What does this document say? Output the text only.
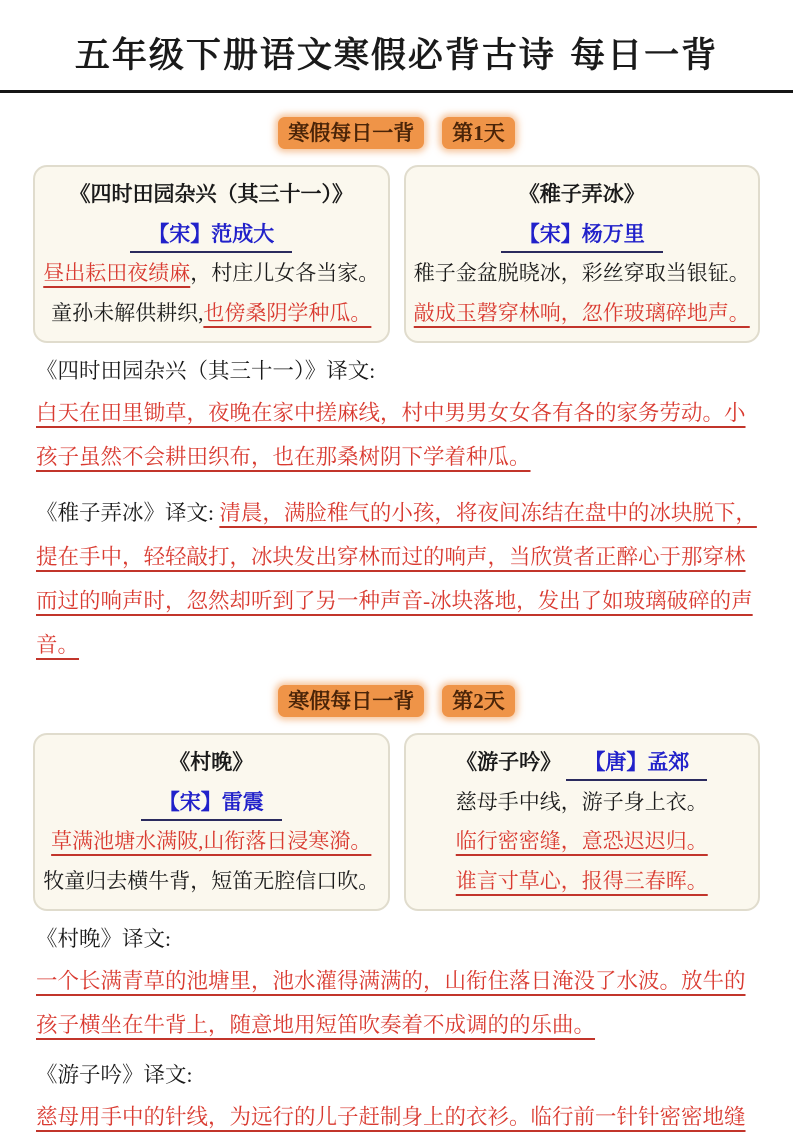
五年级下册语文寒假必背古诗 每日一背
寒假每日一背	第1天
《四时田园杂兴（其三十一）》
【宋】范成大
昼出耘田夜绩麻，村庄儿女各当家。
童孙未解供耕织,也傍桑阴学种瓜。
《稚子弄冰》
【宋】杨万里
稚子金盆脱晓冰，彩丝穿取当银钲。
敲成玉磬穿林响，忽作玻璃碎地声。
《四时田园杂兴（其三十一）》译文:
白天在田里锄草，夜晚在家中搓麻线，村中男男女女各有各的家务劳动。小孩子虽然不会耕田织布，也在那桑树阴下学着种瓜。
《稚子弄冰》译文: 清晨，满脸稚气的小孩，将夜间冻结在盘中的冰块脱下，提在手中，轻轻敲打，冰块发出穿林而过的响声，当欣赏者正醉心于那穿林而过的响声时，忽然却听到了另一种声音-冰块落地，发出了如玻璃破碎的声音。
寒假每日一背	第2天
《村晚》
【宋】雷震
草满池塘水满陂,山衔落日浸寒漪。
牧童归去横牛背，短笛无腔信口吹。
《游子吟》 【唐】孟郊
慈母手中线，游子身上衣。
临行密密缝，意恐迟迟归。
谁言寸草心，报得三春晖。
《村晚》译文:
一个长满青草的池塘里，池水灌得满满的，山衔住落日淹没了水波。放牛的孩子横坐在牛背上，随意地用短笛吹奏着不成调的的乐曲。
《游子吟》译文:
慈母用手中的针线，为远行的儿子赶制身上的衣衫。临行前一针针密密地缝
